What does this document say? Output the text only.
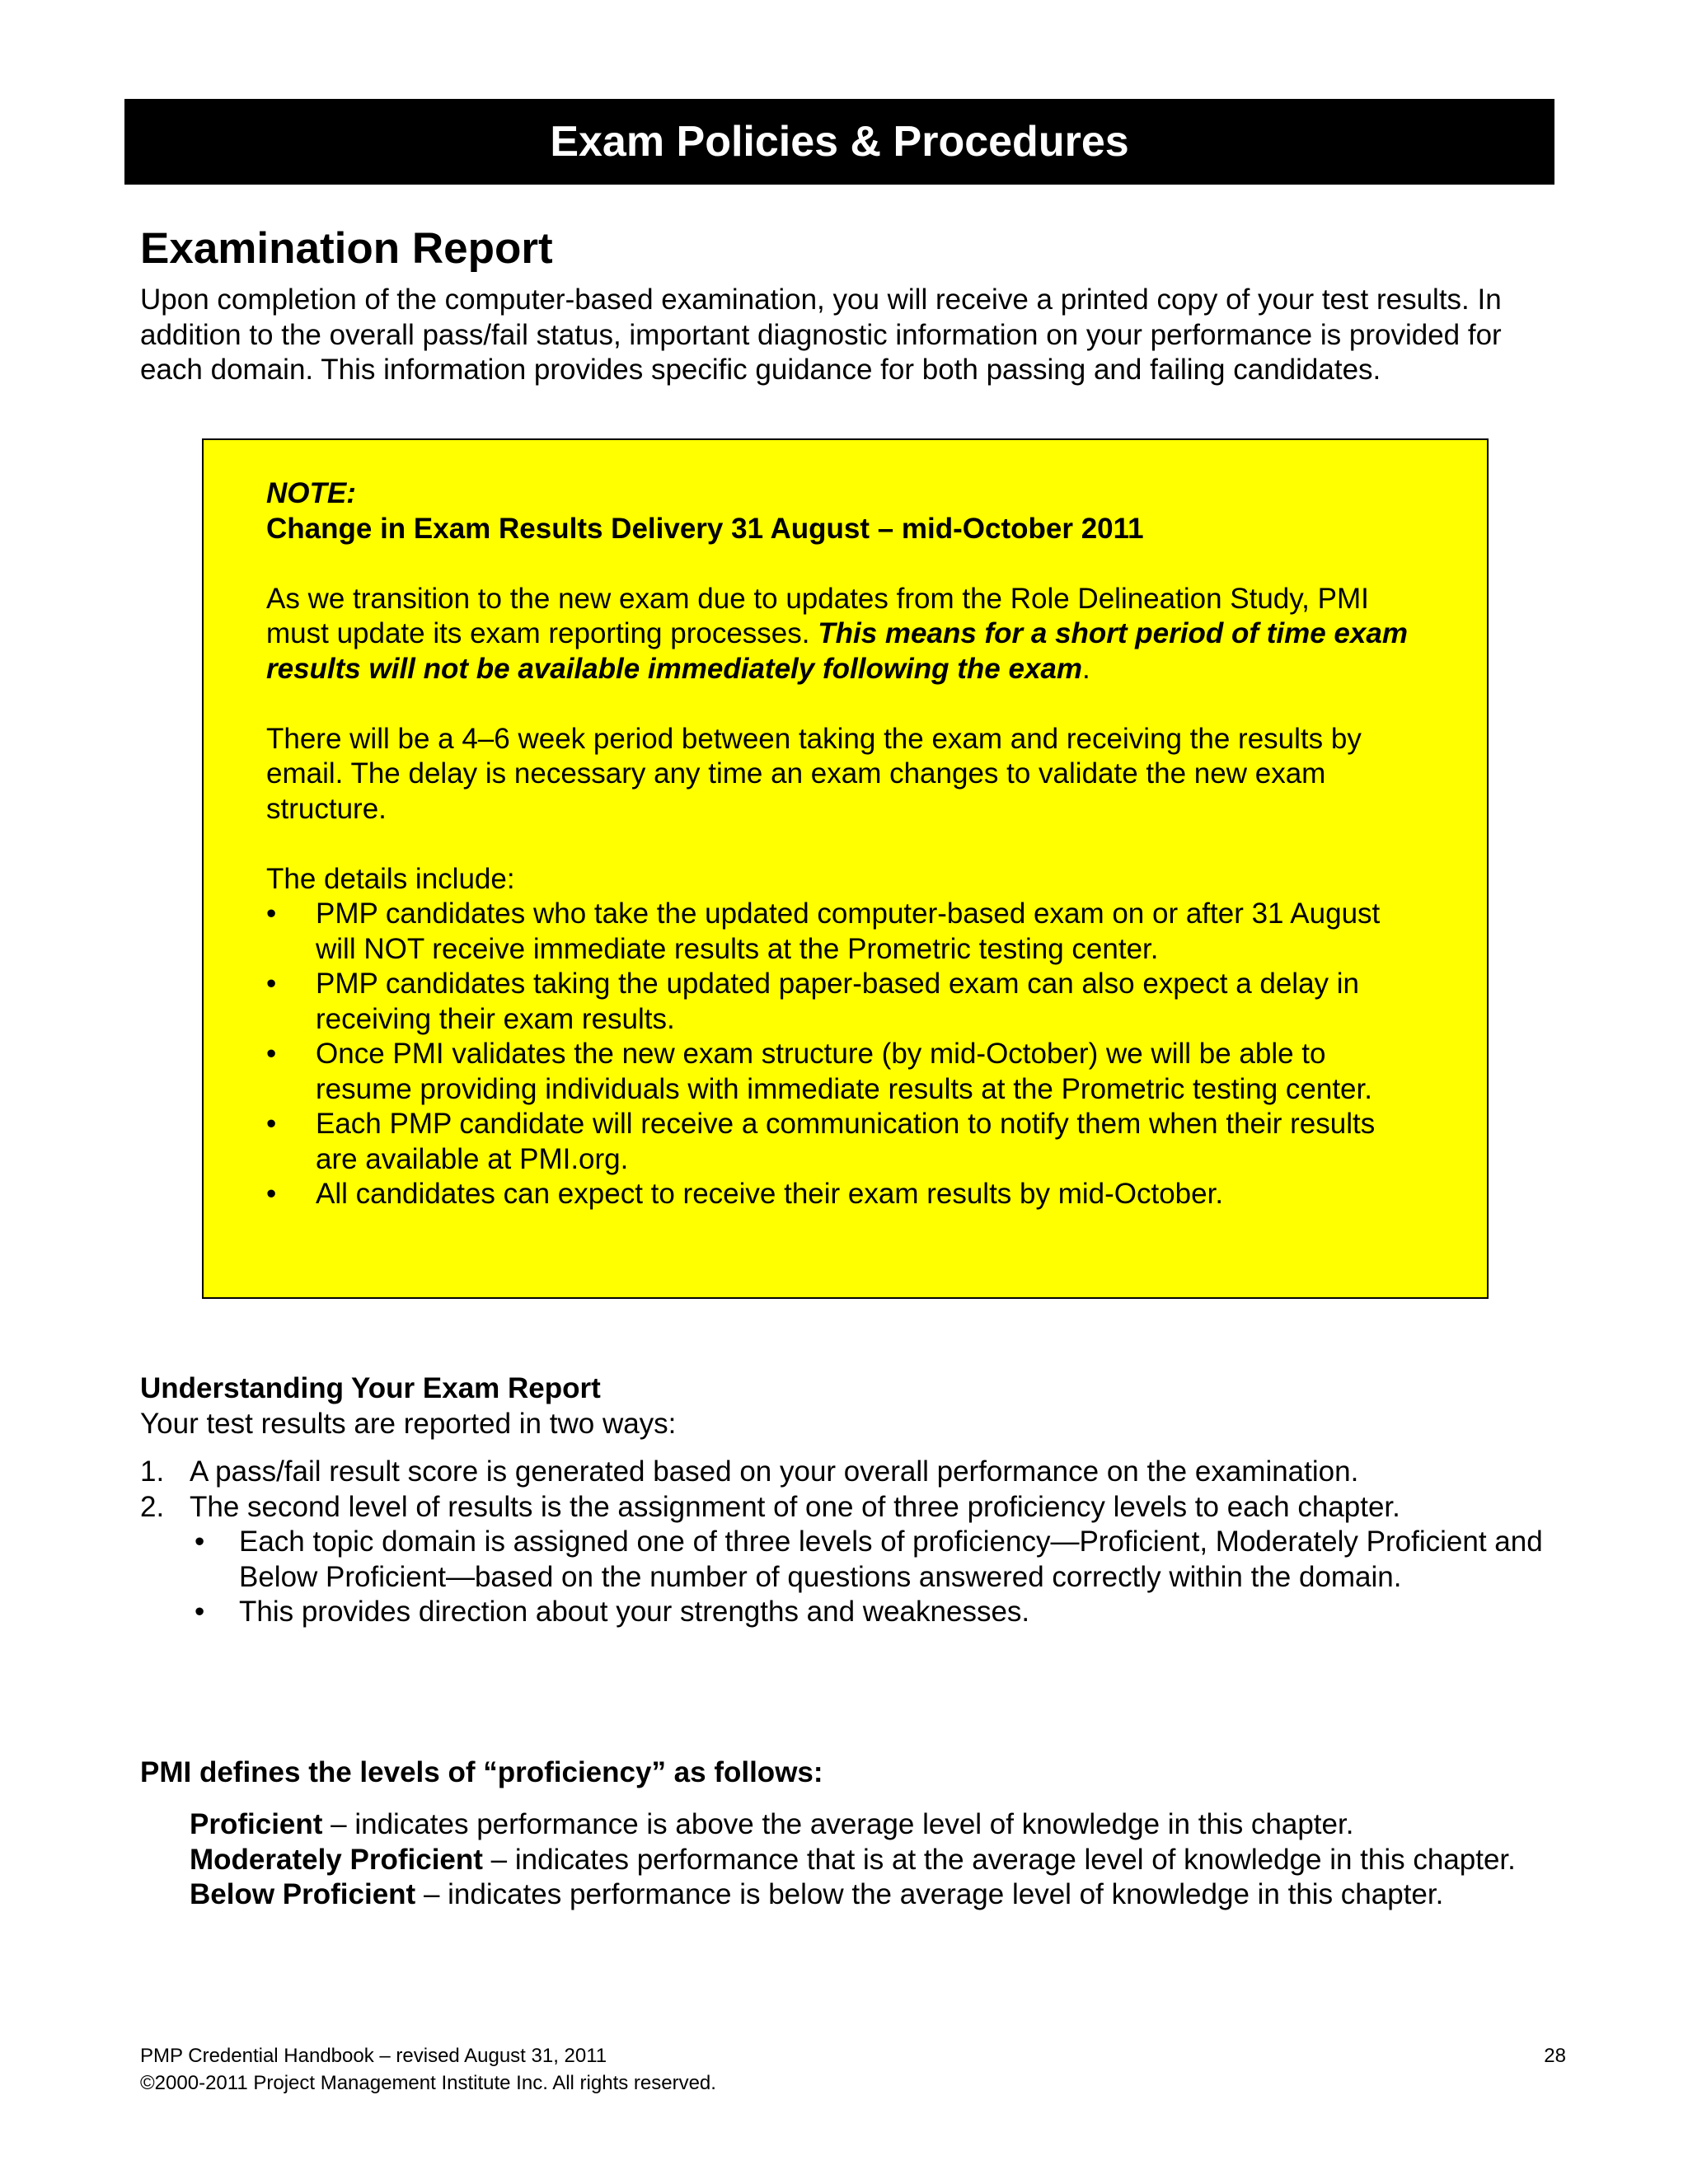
Exam Policies & Procedures
Examination Report

Upon completion of the computer-based examination, you will receive a printed copy of your test results. In addition to the overall pass/fail status, important diagnostic information on your performance is provided for each domain. This information provides specific guidance for both passing and failing candidates.

NOTE:

Change in Exam Results Delivery 31 August – mid-October 2011

As we transition to the new exam due to updates from the Role Delineation Study, PMI must update its exam reporting processes. This means for a short period of time exam results will not be available immediately following the exam.

There will be a 4–6 week period between taking the exam and receiving the results by email. The delay is necessary any time an exam changes to validate the new exam structure.

The details include:

• PMP candidates who take the updated computer-based exam on or after 31 August will NOT receive immediate results at the Prometric testing center.
• PMP candidates taking the updated paper-based exam can also expect a delay in receiving their exam results.
• Once PMI validates the new exam structure (by mid-October) we will be able to resume providing individuals with immediate results at the Prometric testing center.
• Each PMP candidate will receive a communication to notify them when their results are available at PMI.org.
• All candidates can expect to receive their exam results by mid-October.

Understanding Your Exam Report

Your test results are reported in two ways:

1. A pass/fail result score is generated based on your overall performance on the examination.
2. The second level of results is the assignment of one of three proficiency levels to each chapter.
• Each topic domain is assigned one of three levels of proficiency—Proficient, Moderately Proficient and Below Proficient—based on the number of questions answered correctly within the domain.
• This provides direction about your strengths and weaknesses.

PMI defines the levels of “proficiency” as follows:

Proficient – indicates performance is above the average level of knowledge in this chapter.

Moderately Proficient – indicates performance that is at the average level of knowledge in this chapter.

Below Proficient – indicates performance is below the average level of knowledge in this chapter.

PMP Credential Handbook – revised August 31, 2011

©2000-2011 Project Management Institute Inc. All rights reserved.

28
